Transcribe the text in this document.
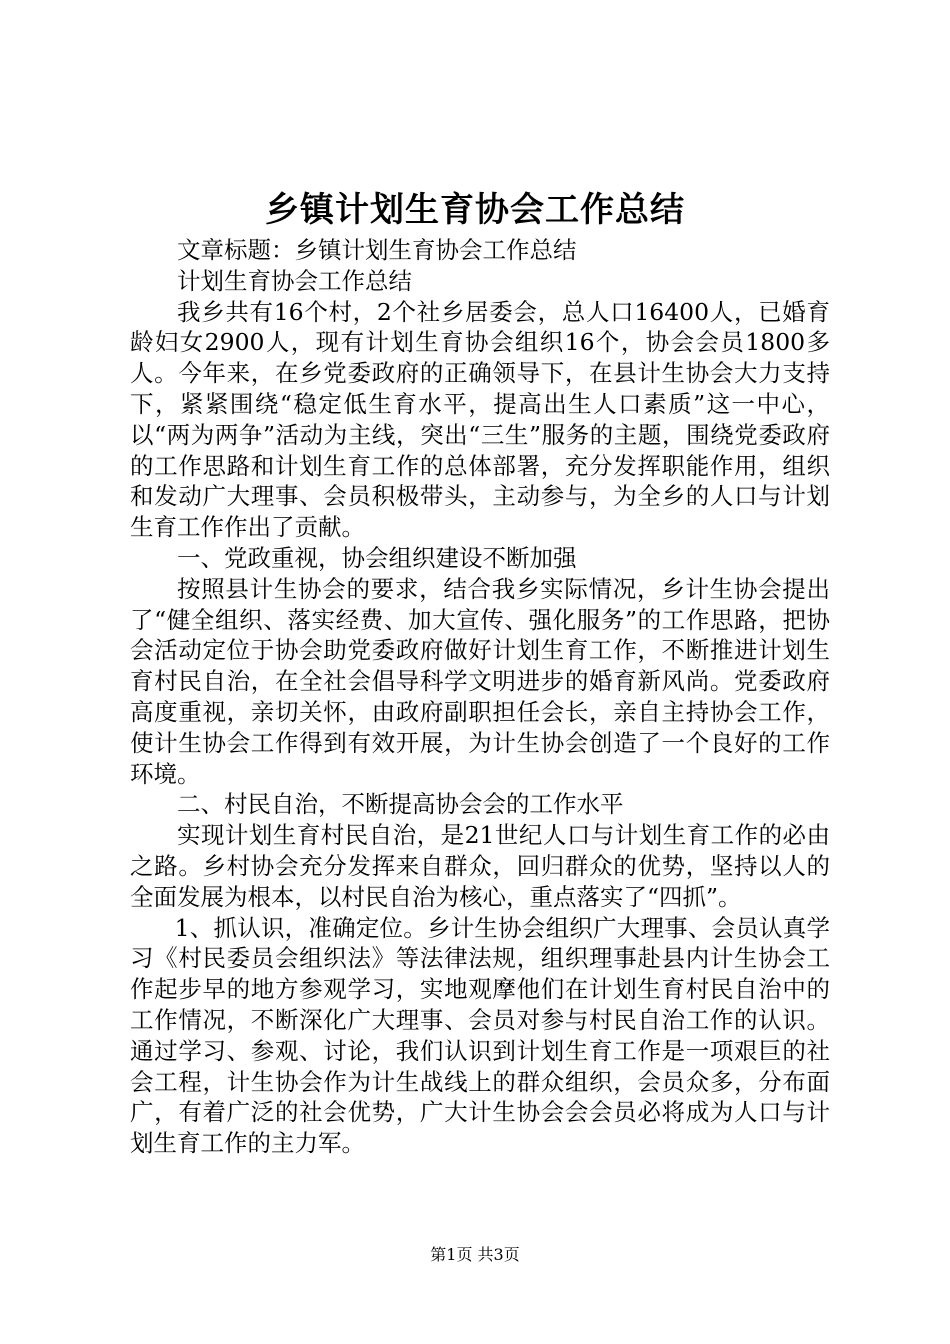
乡镇计划生育协会工作总结

文章标题：乡镇计划生育协会工作总结

计划生育协会工作总结

我乡共有16个村，2个社乡居委会，总人口16400人，已婚育龄妇女2900人，现有计划生育协会组织16个，协会会员1800多人。今年来，在乡党委政府的正确领导下，在县计生协会大力支持下，紧紧围绕“稳定低生育水平，提高出生人口素质”这一中心，以“两为两争”活动为主线，突出“三生”服务的主题，围绕党委政府的工作思路和计划生育工作的总体部署，充分发挥职能作用，组织和发动广大理事、会员积极带头，主动参与，为全乡的人口与计划生育工作作出了贡献。

一、党政重视，协会组织建设不断加强

按照县计生协会的要求，结合我乡实际情况，乡计生协会提出了“健全组织、落实经费、加大宣传、强化服务”的工作思路，把协会活动定位于协会助党委政府做好计划生育工作，不断推进计划生育村民自治，在全社会倡导科学文明进步的婚育新风尚。党委政府高度重视，亲切关怀，由政府副职担任会长，亲自主持协会工作，使计生协会工作得到有效开展，为计生协会创造了一个良好的工作环境。

二、村民自治，不断提高协会会的工作水平

实现计划生育村民自治，是21世纪人口与计划生育工作的必由之路。乡村协会充分发挥来自群众，回归群众的优势，坚持以人的全面发展为根本，以村民自治为核心，重点落实了“四抓”。

1、抓认识，准确定位。乡计生协会组织广大理事、会员认真学习《村民委员会组织法》等法律法规，组织理事赴县内计生协会工作起步早的地方参观学习，实地观摩他们在计划生育村民自治中的工作情况，不断深化广大理事、会员对参与村民自治工作的认识。通过学习、参观、讨论，我们认识到计划生育工作是一项艰巨的社会工程，计生协会作为计生战线上的群众组织，会员众多，分布面广，有着广泛的社会优势，广大计生协会会会员必将成为人口与计划生育工作的主力军。

第1页 共3页
